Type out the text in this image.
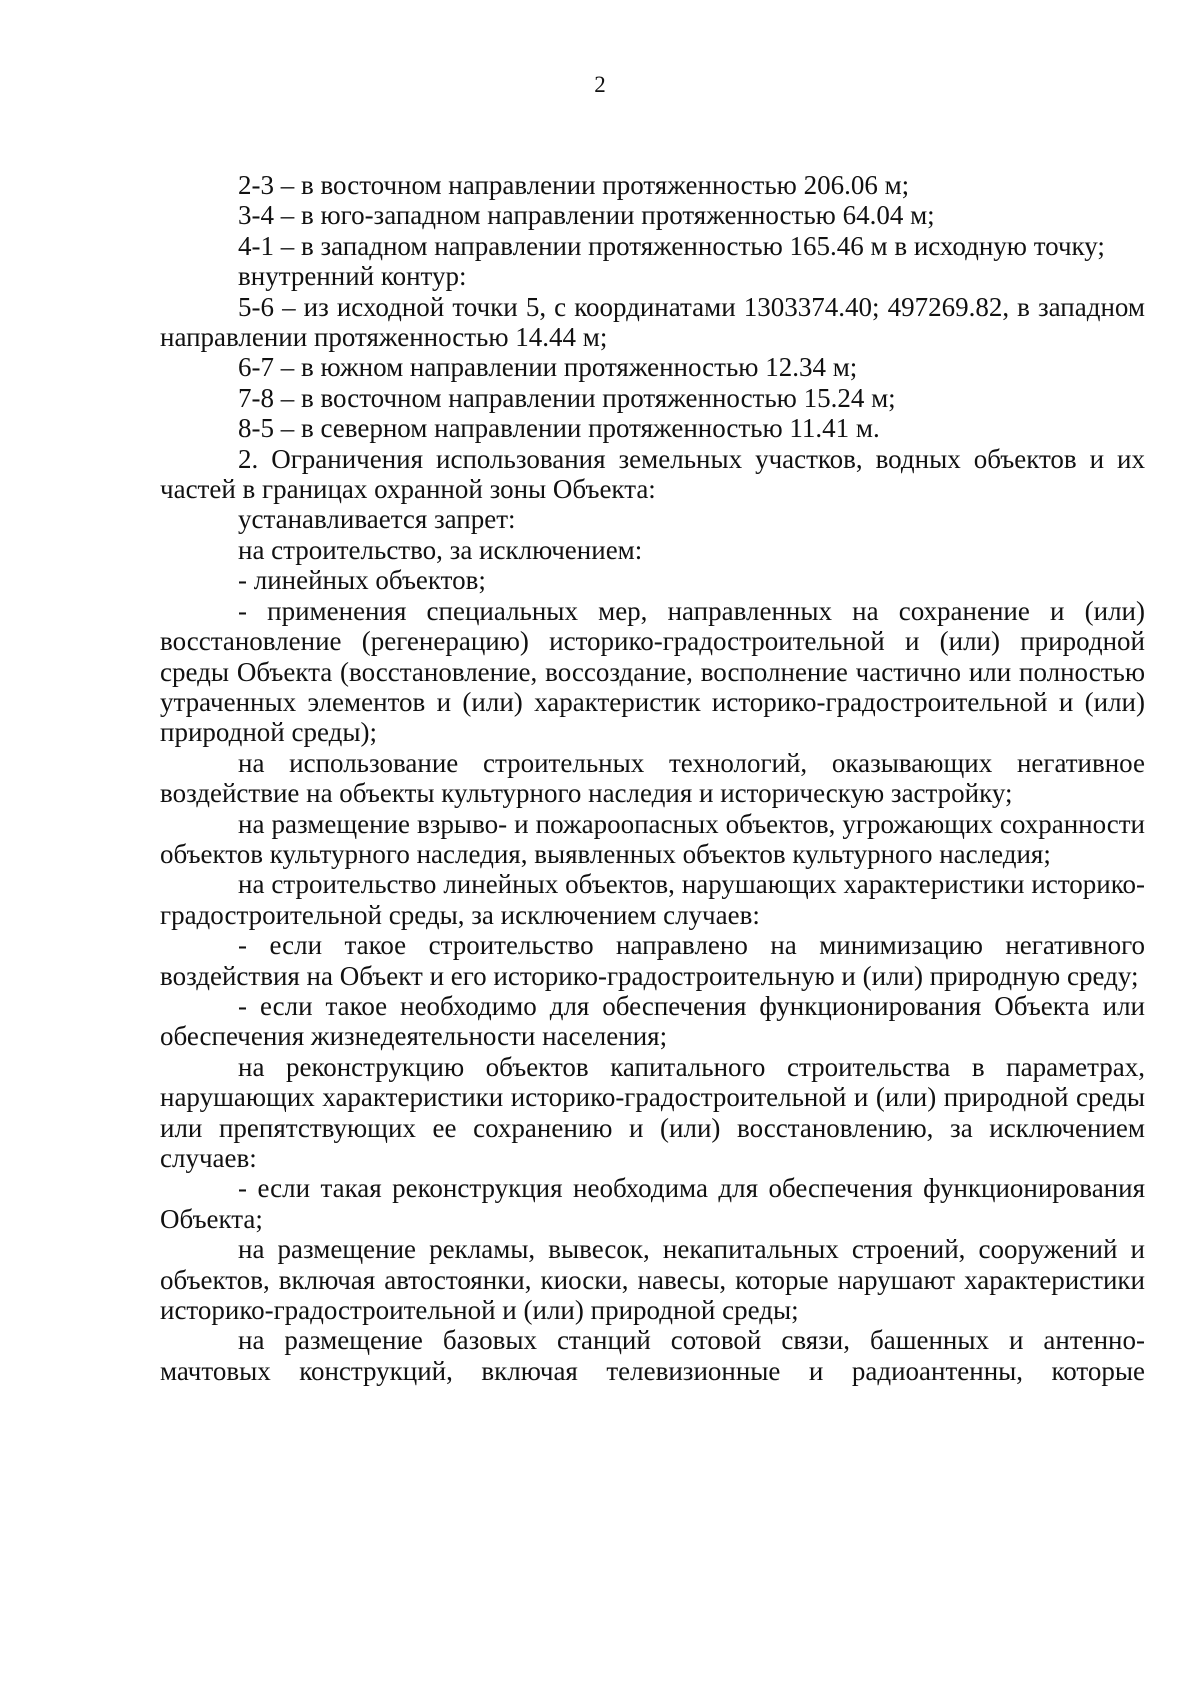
2

2-3 – в восточном направлении протяженностью 206.06 м;

3-4 – в юго-западном направлении протяженностью 64.04 м;

4-1 – в западном направлении протяженностью 165.46 м в исходную точку;

внутренний контур:

5-6 – из исходной точки 5, с координатами 1303374.40; 497269.82, в западном направлении протяженностью 14.44 м;

6-7 – в южном направлении протяженностью 12.34 м;

7-8 – в восточном направлении протяженностью 15.24 м;

8-5 – в северном направлении протяженностью 11.41 м.

2. Ограничения использования земельных участков, водных объектов и их частей в границах охранной зоны Объекта:

устанавливается запрет:

на строительство, за исключением:

- линейных объектов;

- применения специальных мер, направленных на сохранение и (или) восстановление (регенерацию) историко-градостроительной и (или) природной среды Объекта (восстановление, воссоздание, восполнение частично или полностью утраченных элементов и (или) характеристик историко-градостроительной и (или) природной среды);

на использование строительных технологий, оказывающих негативное воздействие на объекты культурного наследия и историческую застройку;

на размещение взрыво- и пожароопасных объектов, угрожающих сохранности объектов культурного наследия, выявленных объектов культурного наследия;

на строительство линейных объектов, нарушающих характеристики историко-градостроительной среды, за исключением случаев:

- если такое строительство направлено на минимизацию негативного воздействия на Объект и его историко-градостроительную и (или) природную среду;

- если такое необходимо для обеспечения функционирования Объекта или обеспечения жизнедеятельности населения;

на реконструкцию объектов капитального строительства в параметрах, нарушающих характеристики историко-градостроительной и (или) природной среды или препятствующих ее сохранению и (или) восстановлению, за исключением случаев:

- если такая реконструкция необходима для обеспечения функционирования Объекта;

на размещение рекламы, вывесок, некапитальных строений, сооружений и объектов, включая автостоянки, киоски, навесы, которые нарушают характеристики историко-градостроительной и (или) природной среды;

на размещение базовых станций сотовой связи, башенных и антенно-мачтовых конструкций, включая телевизионные и радиоантенны, которые
